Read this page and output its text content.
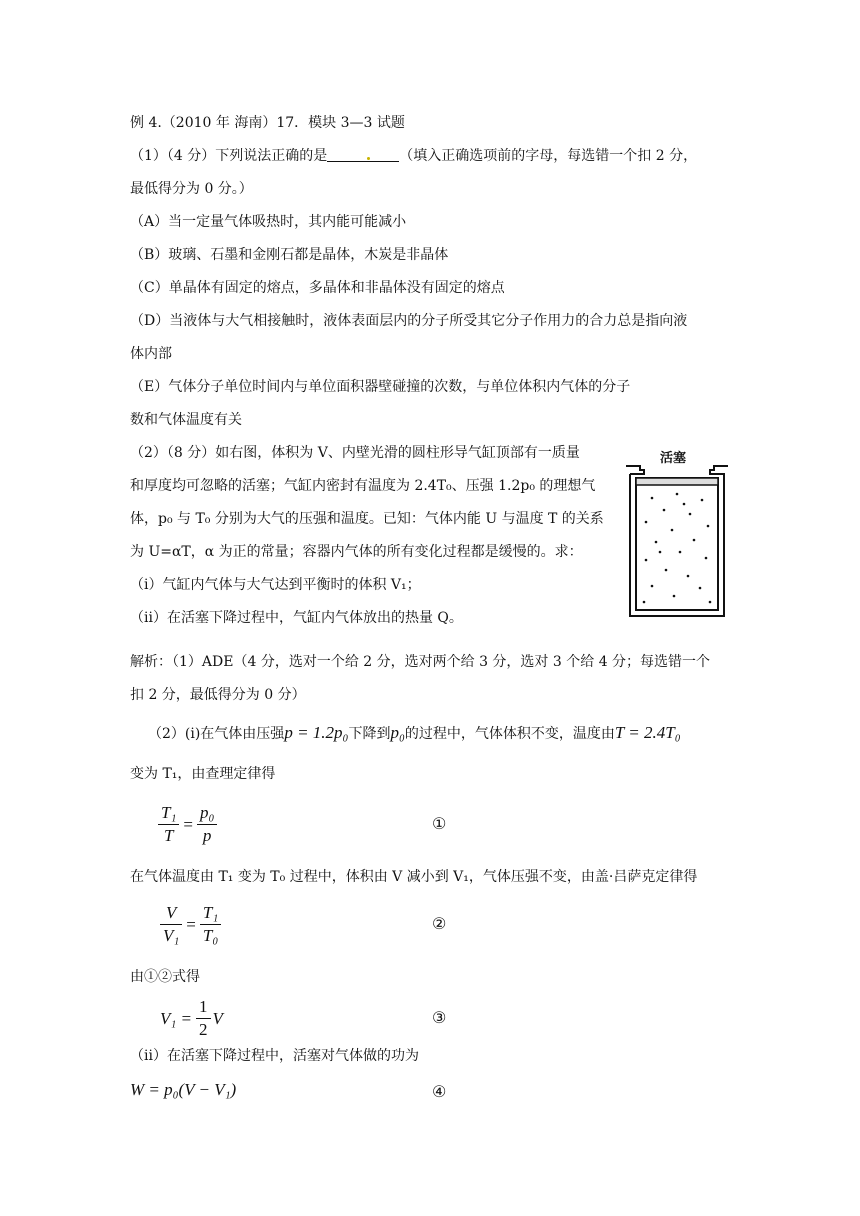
例 4.（2010 年 海南）17．模块 3—3 试题
（1）（4 分）下列说法正确的是	（填入正确选项前的字母，每选错一个扣 2 分，
最低得分为 0 分。）
（A）当一定量气体吸热时，其内能可能减小
（B）玻璃、石墨和金刚石都是晶体，木炭是非晶体
（C）单晶体有固定的熔点，多晶体和非晶体没有固定的熔点
（D）当液体与大气相接触时，液体表面层内的分子所受其它分子作用力的合力总是指向液
体内部
（E）气体分子单位时间内与单位面积器壁碰撞的次数，与单位体积内气体的分子
数和气体温度有关
（2）（8 分）如右图，体积为 V、内壁光滑的圆柱形导气缸顶部有一质量
和厚度均可忽略的活塞；气缸内密封有温度为 2.4T₀、压强 1.2p₀ 的理想气
体，p₀ 与 T₀ 分别为大气的压强和温度。已知：气体内能 U 与温度 T 的关系
为 U=αT，α 为正的常量；容器内气体的所有变化过程都是缓慢的。求：
（i）气缸内气体与大气达到平衡时的体积 V₁；
（ii）在活塞下降过程中，气缸内气体放出的热量 Q。
活塞
解析：（1）ADE（4 分，选对一个给 2 分，选对两个给 3 分，选对 3 个给 4 分；每选错一个
扣 2 分，最低得分为 0 分）
（2）(i)在气体由压强p = 1.2p₀下降到p₀的过程中，气体体积不变，温度由T = 2.4T₀
变为 T₁，由查理定律得
$\frac{\text{T₁}}{T} = \frac{\text{p₀}}{p}$	①
在气体温度由 T₁ 变为 T₀ 过程中，体积由 V 减小到 V₁，气体压强不变，由盖·吕萨克定律得
$\frac{V}{\text{V₁}} = \frac{\text{T₁}}{\text{T₀}}$	②
由①②式得
$V_1 = \frac{1}{2}$ V	③
（ii）在活塞下降过程中，活塞对气体做的功为
W = p₀(V − V₁)	④
